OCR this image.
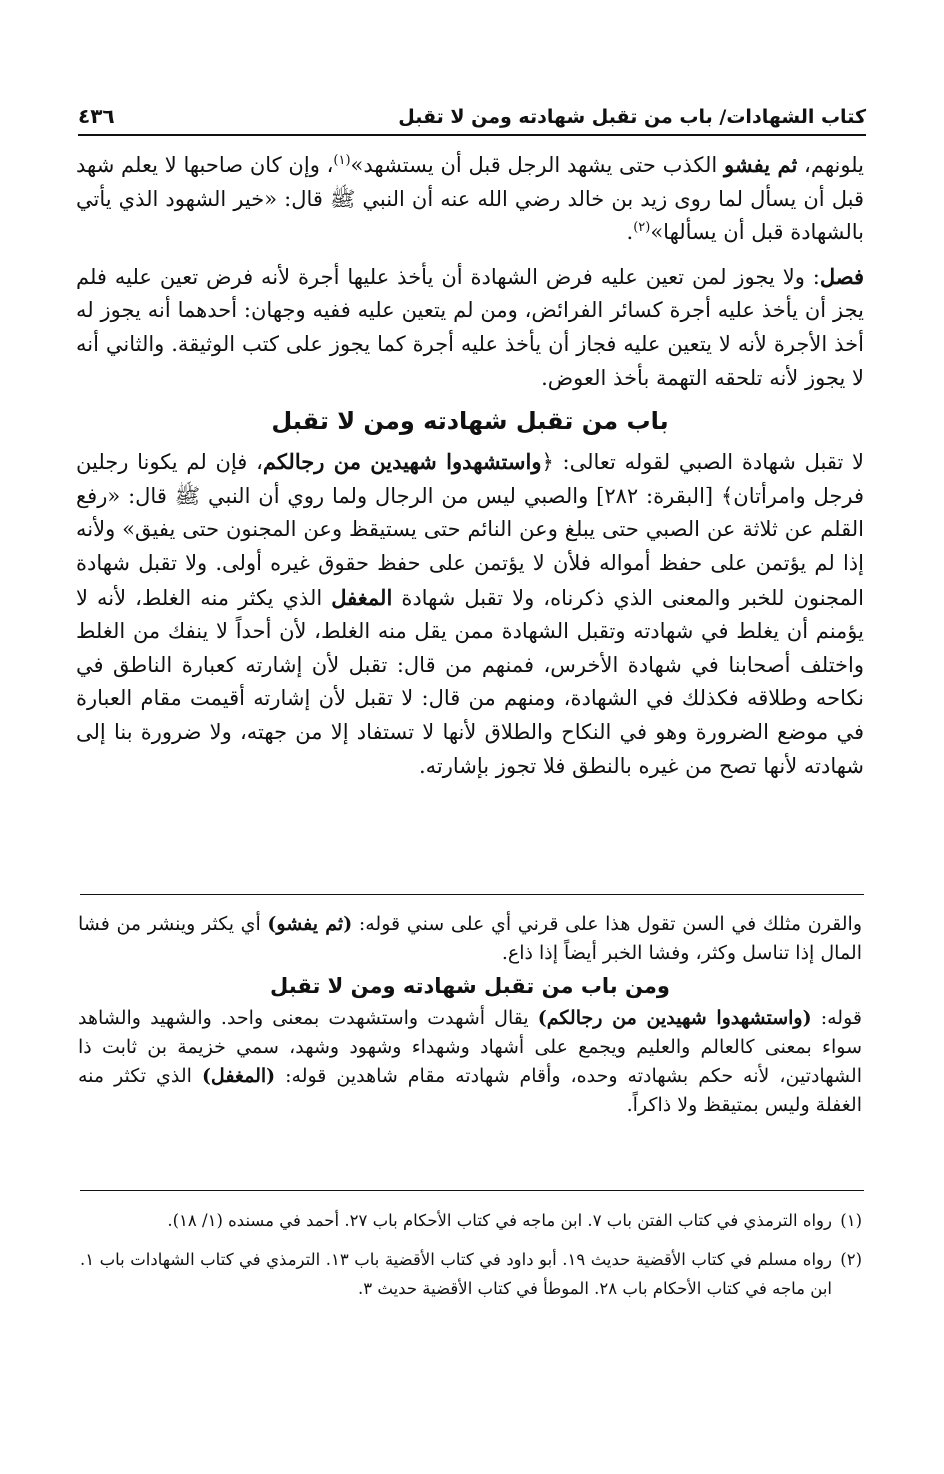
كتاب الشهادات/ باب من تقبل شهادته ومن لا تقبل
٤٣٦

يلونهم، ثم يفشو الكذب حتى يشهد الرجل قبل أن يستشهد»$^{(١)}$، وإن كان صاحبها لا يعلم شهد قبل أن يسأل لما روى زيد بن خالد رضي الله عنه أن النبي ﷺ قال: «خير الشهود الذي يأتي بالشهادة قبل أن يسألها»$^{(٢)}$.

فصل: ولا يجوز لمن تعين عليه فرض الشهادة أن يأخذ عليها أجرة لأنه فرض تعين عليه فلم يجز أن يأخذ عليه أجرة كسائر الفرائض، ومن لم يتعين عليه ففيه وجهان: أحدهما أنه يجوز له أخذ الأجرة لأنه لا يتعين عليه فجاز أن يأخذ عليه أجرة كما يجوز على كتب الوثيقة. والثاني أنه لا يجوز لأنه تلحقه التهمة بأخذ العوض.

باب من تقبل شهادته ومن لا تقبل

لا تقبل شهادة الصبي لقوله تعالى: ﴿واستشهدوا شهيدين من رجالكم، فإن لم يكونا رجلين فرجل وامرأتان﴾ [البقرة: ٢٨٢] والصبي ليس من الرجال ولما روي أن النبي ﷺ قال: «رفع القلم عن ثلاثة عن الصبي حتى يبلغ وعن النائم حتى يستيقظ وعن المجنون حتى يفيق» ولأنه إذا لم يؤتمن على حفظ أمواله فلأن لا يؤتمن على حفظ حقوق غيره أولى. ولا تقبل شهادة المجنون للخبر والمعنى الذي ذكرناه، ولا تقبل شهادة المغفل الذي يكثر منه الغلط، لأنه لا يؤمنم أن يغلط في شهادته وتقبل الشهادة ممن يقل منه الغلط، لأن أحداً لا ينفك من الغلط واختلف أصحابنا في شهادة الأخرس، فمنهم من قال: تقبل لأن إشارته كعبارة الناطق في نكاحه وطلاقه فكذلك في الشهادة، ومنهم من قال: لا تقبل لأن إشارته أقيمت مقام العبارة في موضع الضرورة وهو في النكاح والطلاق لأنها لا تستفاد إلا من جهته، ولا ضرورة بنا إلى شهادته لأنها تصح من غيره بالنطق فلا تجوز بإشارته.

والقرن مثلك في السن تقول هذا على قرني أي على سني قوله: (ثم يفشو) أي يكثر وينشر من فشا المال إذا تناسل وكثر، وفشا الخبر أيضاً إذا ذاع.

ومن باب من تقبل شهادته ومن لا تقبل

قوله: (واستشهدوا شهيدين من رجالكم) يقال أشهدت واستشهدت بمعنى واحد. والشهيد والشاهد سواء بمعنى كالعالم والعليم ويجمع على أشهاد وشهداء وشهود وشهد، سمي خزيمة بن ثابت ذا الشهادتين، لأنه حكم بشهادته وحده، وأقام شهادته مقام شاهدين قوله: (المغفل) الذي تكثر منه الغفلة وليس بمتيقظ ولا ذاكراً.

(١)
رواه الترمذي في كتاب الفتن باب ٧. ابن ماجه في كتاب الأحكام باب ٢٧. أحمد في مسنده (١/ ١٨).
(٢)
رواه مسلم في كتاب الأقضية حديث ١٩. أبو داود في كتاب الأقضية باب ١٣. الترمذي في كتاب الشهادات باب ١. ابن ماجه في كتاب الأحكام باب ٢٨. الموطأ في كتاب الأقضية حديث ٣.
